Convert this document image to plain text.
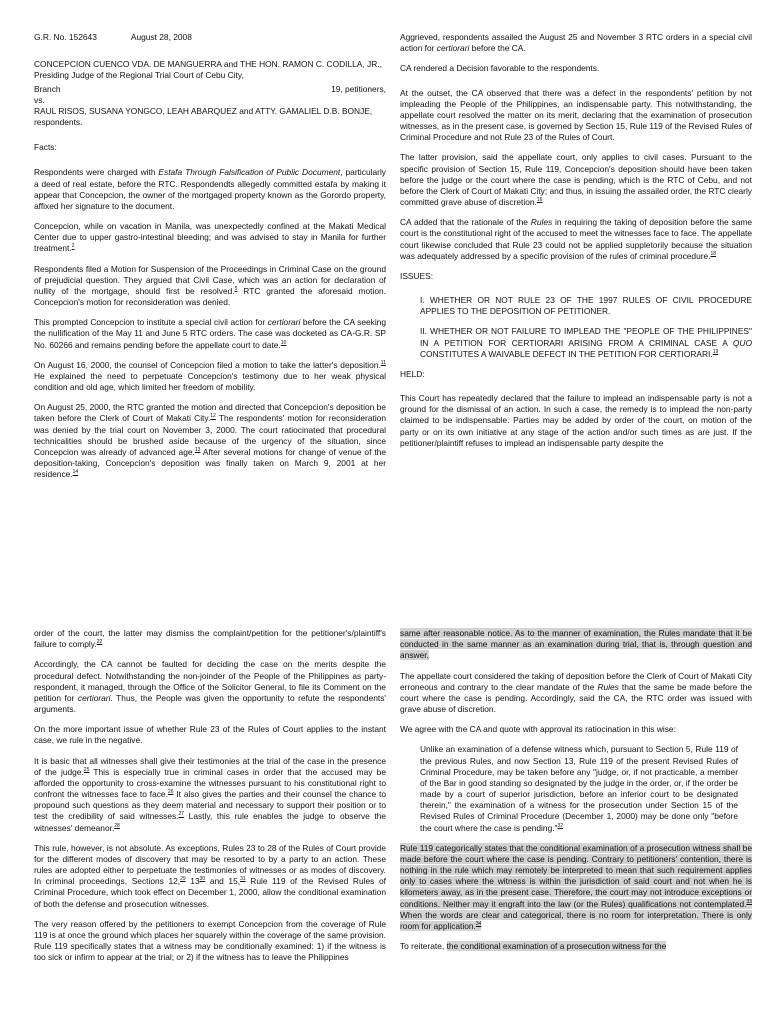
G.R. No. 152643	August 28, 2008

CONCEPCION CUENCO VDA. DE MANGUERRA and THE HON. RAMON C. CODILLA, JR., Presiding Judge of the Regional Trial Court of Cebu City,

Branch	19, petitioners,
vs.

RAUL RISOS, SUSANA YONGCO, LEAH ABARQUEZ and ATTY. GAMALIEL D.B. BONJE, respondents.

Facts:

Respondents were charged with Estafa Through Falsification of Public Document, particularly a deed of real estate, before the RTC. Respondendts allegedly committed estafa by making it appear that Concepcion, the owner of the mortgaged property known as the Gorordo property, affixed her signature to the document.

Concepcion, while on vacation in Manila, was unexpectedly confined at the Makati Medical Center due to upper gastro-intestinal bleeding; and was advised to stay in Manila for further treatment.$^2$

Respondents filed a Motion for Suspension of the Proceedings in Criminal Case on the ground of prejudicial question. They argued that Civil Case, which was an action for declaration of nullity of the mortgage, should first be resolved.$^5$ RTC granted the aforesaid motion. Concepcion's motion for reconsideration was denied.

This prompted Concepcion to institute a special civil action for certiorari before the CA seeking the nullification of the May 11 and June 5 RTC orders. The case was docketed as CA-G.R. SP No. 60266 and remains pending before the appellate court to date.$^{10}$

On August 16, 2000, the counsel of Concepcion filed a motion to take the latter's deposition.$^{11}$ He explained the need to perpetuate Concepcion's testimony due to her weak physical condition and old age, which limited her freedom of mobility.

On August 25, 2000, the RTC granted the motion and directed that Concepcion's deposition be taken before the Clerk of Court of Makati City.$^{12}$ The respondents' motion for reconsideration was denied by the trial court on November 3, 2000. The court ratiocinated that procedural technicalities should be brushed aside because of the urgency of the situation, since Concepcion was already of advanced age.$^{13}$ After several motions for change of venue of the deposition-taking, Concepcion's deposition was finally taken on March 9, 2001 at her residence.$^{14}$

Aggrieved, respondents assailed the August 25 and November 3 RTC orders in a special civil action for certiorari before the CA.

CA rendered a Decision favorable to the respondents.

At the outset, the CA observed that there was a defect in the respondents' petition by not impleading the People of the Philippines, an indispensable party. This notwithstanding, the appellate court resolved the matter on its merit, declaring that the examination of prosecution witnesses, as in the present case, is governed by Section 15, Rule 119 of the Revised Rules of Criminal Procedure and not Rule 23 of the Rules of Court.

The latter provision, said the appellate court, only applies to civil cases. Pursuant to the specific provision of Section 15, Rule 119, Concepcion's deposition should have been taken before the judge or the court where the case is pending, which is the RTC of Cebu, and not before the Clerk of Court of Makati City; and thus, in issuing the assailed order, the RTC clearly committed grave abuse of discretion.$^{16}$

CA added that the rationale of the Rules in requiring the taking of deposition before the same court is the constitutional right of the accused to meet the witnesses face to face. The appellate court likewise concluded that Rule 23 could not be applied suppletorily because the situation was adequately addressed by a specific provision of the rules of criminal procedure.$^{18}$

ISSUES:

I. WHETHER OR NOT RULE 23 OF THE 1997 RULES OF CIVIL PROCEDURE APPLIES TO THE DEPOSITION OF PETITIONER.

II. WHETHER OR NOT FAILURE TO IMPLEAD THE "PEOPLE OF THE PHILIPPINES" IN A PETITION FOR CERTIORARI ARISING FROM A CRIMINAL CASE A QUO CONSTITUTES A WAIVABLE DEFECT IN THE PETITION FOR CERTIORARI.$^{19}$

HELD:

This Court has repeatedly declared that the failure to implead an indispensable party is not a ground for the dismissal of an action. In such a case, the remedy is to implead the non-party claimed to be indispensable. Parties may be added by order of the court, on motion of the party or on its own initiative at any stage of the action and/or such times as are just. If the petitioner/plaintiff refuses to implead an indispensable party despite the

order of the court, the latter may dismiss the complaint/petition for the petitioner's/plaintiff's failure to comply.$^{22}$

Accordingly, the CA cannot be faulted for deciding the case on the merits despite the procedural defect. Notwithstanding the non-joinder of the People of the Philippines as party-respondent, it managed, through the Office of the Solicitor General, to file its Comment on the petition for certiorari. Thus, the People was given the opportunity to refute the respondents' arguments.

On the more important issue of whether Rule 23 of the Rules of Court applies to the instant case, we rule in the negative.

It is basic that all witnesses shall give their testimonies at the trial of the case in the presence of the judge.$^{25}$ This is especially true in criminal cases in order that the accused may be afforded the opportunity to cross-examine the witnesses pursuant to his constitutional right to confront the witnesses face to face.$^{26}$ It also gives the parties and their counsel the chance to propound such questions as they deem material and necessary to support their position or to test the credibility of said witnesses.$^{27}$ Lastly, this rule enables the judge to observe the witnesses' demeanor.$^{28}$

This rule, however, is not absolute. As exceptions, Rules 23 to 28 of the Rules of Court provide for the different modes of discovery that may be resorted to by a party to an action. These rules are adopted either to perpetuate the testimonies of witnesses or as modes of discovery. In criminal proceedings, Sections 12,29 $13^{30}$ and 15,31 Rule 119 of the Revised Rules of Criminal Procedure, which took effect on December 1, 2000, allow the conditional examination of both the defense and prosecution witnesses.

The very reason offered by the petitioners to exempt Concepcion from the coverage of Rule 119 is at once the ground which places her squarely within the coverage of the same provision. Rule 119 specifically states that a witness may be conditionally examined: 1) if the witness is too sick or infirm to appear at the trial; or 2) if the witness has to leave the Philippines

same after reasonable notice. As to the manner of examination, the Rules mandate that it be conducted in the same manner as an examination during trial, that is, through question and answer.

The appellate court considered the taking of deposition before the Clerk of Court of Makati City erroneous and contrary to the clear mandate of the Rules that the same be made before the court where the case is pending. Accordingly, said the CA, the RTC order was issued with grave abuse of discretion.

We agree with the CA and quote with approval its ratiocination in this wise:

Unlike an examination of a defense witness which, pursuant to Section 5, Rule 119 of the previous Rules, and now Section 13, Rule 119 of the present Revised Rules of Criminal Procedure, may be taken before any "judge, or, if not practicable, a member of the Bar in good standing so designated by the judge in the order, or, if the order be made by a court of superior jurisdiction, before an inferior court to be designated therein," the examination of a witness for the prosecution under Section 15 of the Revised Rules of Criminal Procedure (December 1, 2000) may be done only "before the court where the case is pending."$^{32}$

Rule 119 categorically states that the conditional examination of a prosecution witness shall be made before the court where the case is pending. Contrary to petitioners' contention, there is nothing in the rule which may remotely be interpreted to mean that such requirement applies only to cases where the witness is within the jurisdiction of said court and not when he is kilometers away, as in the present case. Therefore, the court may not introduce exceptions or conditions. Neither may it engraft into the law (or the Rules) qualifications not contemplated.$^{33}$ When the words are clear and categorical, there is no room for interpretation. There is only room for application.$^{34}$

To reiterate, the conditional examination of a prosecution witness for the
